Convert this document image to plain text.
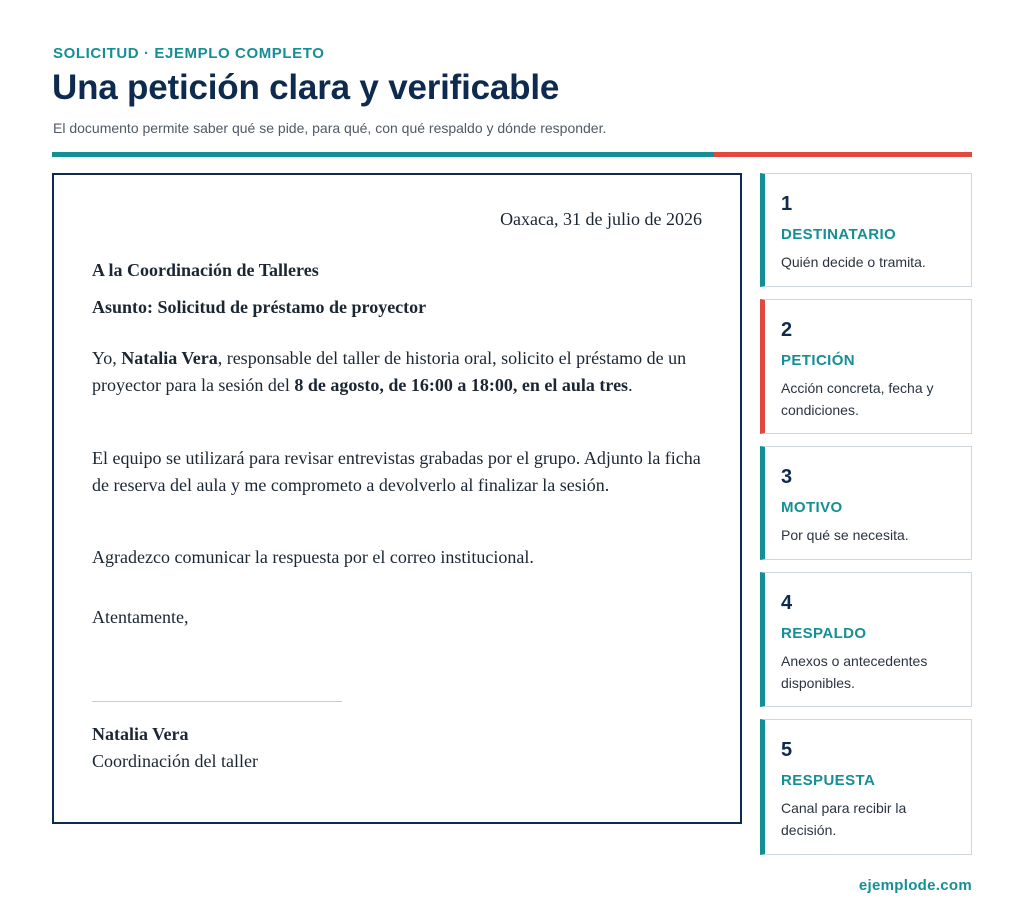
SOLICITUD · EJEMPLO COMPLETO
Una petición clara y verificable
El documento permite saber qué se pide, para qué, con qué respaldo y dónde responder.
Oaxaca, 31 de julio de 2026
A la Coordinación de Talleres
Asunto: Solicitud de préstamo de proyector

Yo, Natalia Vera, responsable del taller de historia oral, solicito el préstamo de un proyector para la sesión del 8 de agosto, de 16:00 a 18:00, en el aula tres.

El equipo se utilizará para revisar entrevistas grabadas por el grupo. Adjunto la ficha de reserva del aula y me comprometo a devolverlo al finalizar la sesión.

Agradezco comunicar la respuesta por el correo institucional.

Atentamente,
Natalia Vera
Coordinación del taller
1
DESTINATARIO
Quién decide o tramita.
2
PETICIÓN
Acción concreta, fecha y condiciones.
3
MOTIVO
Por qué se necesita.
4
RESPALDO
Anexos o antecedentes disponibles.
5
RESPUESTA
Canal para recibir la decisión.
ejemplode.com
